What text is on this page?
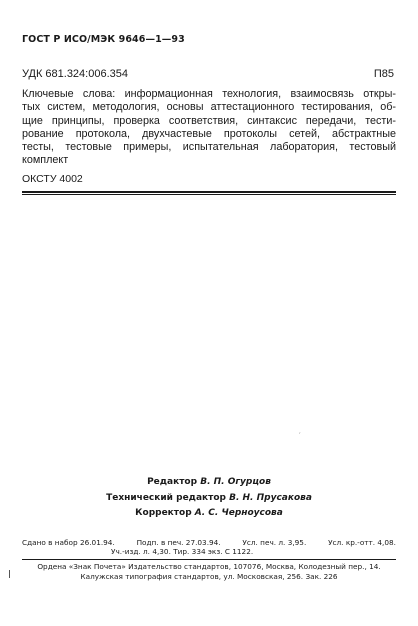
ГОСТ Р ИСО/МЭК 9646—1—93
УДК 681.324:006.354	П85
Ключевые слова: информационная технология, взаимосвязь откры-
тых систем, методология, основы аттестационного тестирования, об-
щие принципы, проверка соответствия, синтаксис передачи, тести-
рование протокола, двухчастевые протоколы сетей, абстрактные
тесты, тестовые примеры, испытательная лаборатория, тестовый
комплект
ОКСТУ 4002
′
Редактор В. П. Огурцов
Технический редактор В. Н. Прусакова
Корректор А. С. Черноусова
Сдано в набор 26.01.94.	Подп. в печ. 27.03.94.	Усл. печ. л. 3,95.	Усл. кр.-отт. 4,08.
Уч.-изд. л. 4,30. Тир. 334 экз. С 1122.
Ордена «Знак Почета» Издательство стандартов, 107076, Москва, Колодезный пер., 14.
Калужская типография стандартов, ул. Московская, 256. Зак. 226
